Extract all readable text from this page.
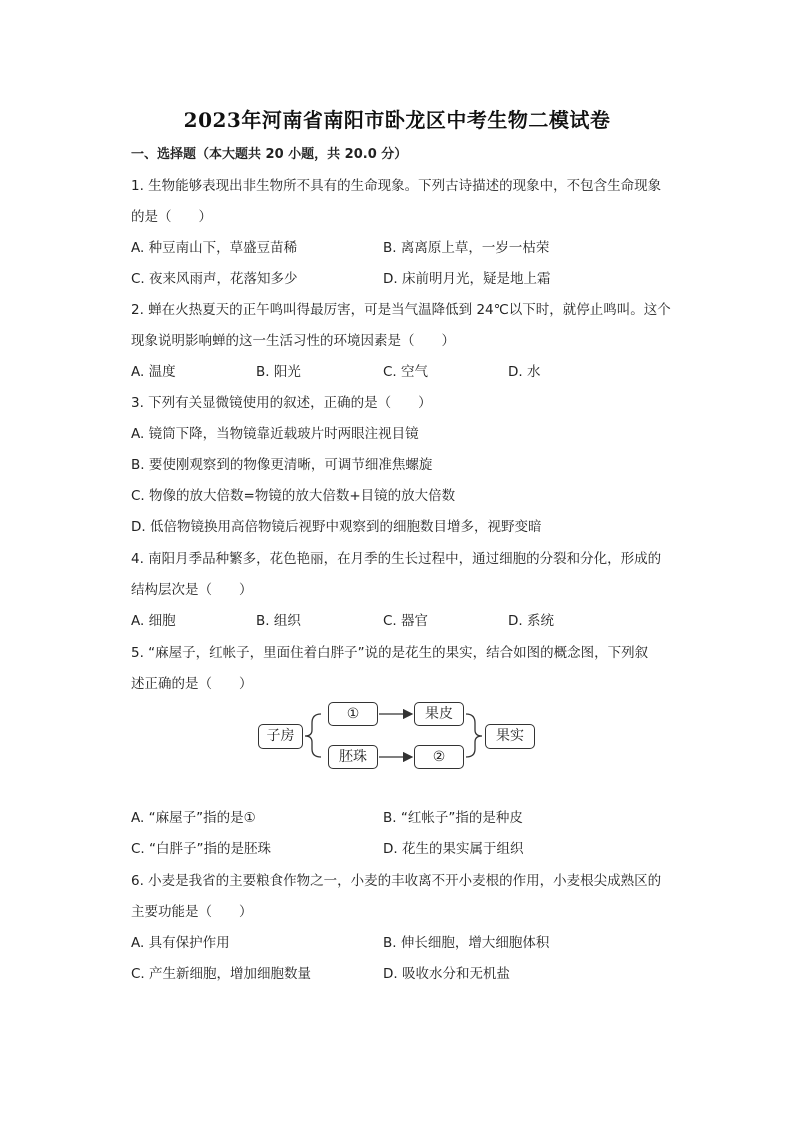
2023年河南省南阳市卧龙区中考生物二模试卷
一、选择题（本大题共 20 小题，共 20.0 分）
1. 生物能够表现出非生物所不具有的生命现象。下列古诗描述的现象中，不包含生命现象
的是（　　）
A. 种豆南山下，草盛豆苗稀	B. 离离原上草，一岁一枯荣
C. 夜来风雨声，花落知多少	D. 床前明月光，疑是地上霜
2. 蝉在火热夏天的正午鸣叫得最厉害，可是当气温降低到 24℃以下时，就停止鸣叫。这个
现象说明影响蝉的这一生活习性的环境因素是（　　）
A. 温度	B. 阳光	C. 空气	D. 水
3. 下列有关显微镜使用的叙述，正确的是（　　）
A. 镜筒下降，当物镜靠近载玻片时两眼注视目镜
B. 要使刚观察到的物像更清晰，可调节细准焦螺旋
C. 物像的放大倍数=物镜的放大倍数+目镜的放大倍数
D. 低倍物镜换用高倍物镜后视野中观察到的细胞数目增多，视野变暗
4. 南阳月季品种繁多，花色艳丽，在月季的生长过程中，通过细胞的分裂和分化，形成的
结构层次是（　　）
A. 细胞	B. 组织	C. 器官	D. 系统
5. “麻屋子，红帐子，里面住着白胖子”说的是花生的果实，结合如图的概念图，下列叙
述正确的是（　　）
子房
①
胚珠
果皮
②
果实
A. “麻屋子”指的是①	B. “红帐子”指的是种皮
C. “白胖子”指的是胚珠	D. 花生的果实属于组织
6. 小麦是我省的主要粮食作物之一，小麦的丰收离不开小麦根的作用，小麦根尖成熟区的
主要功能是（　　）
A. 具有保护作用	B. 伸长细胞，增大细胞体积
C. 产生新细胞，增加细胞数量	D. 吸收水分和无机盐
